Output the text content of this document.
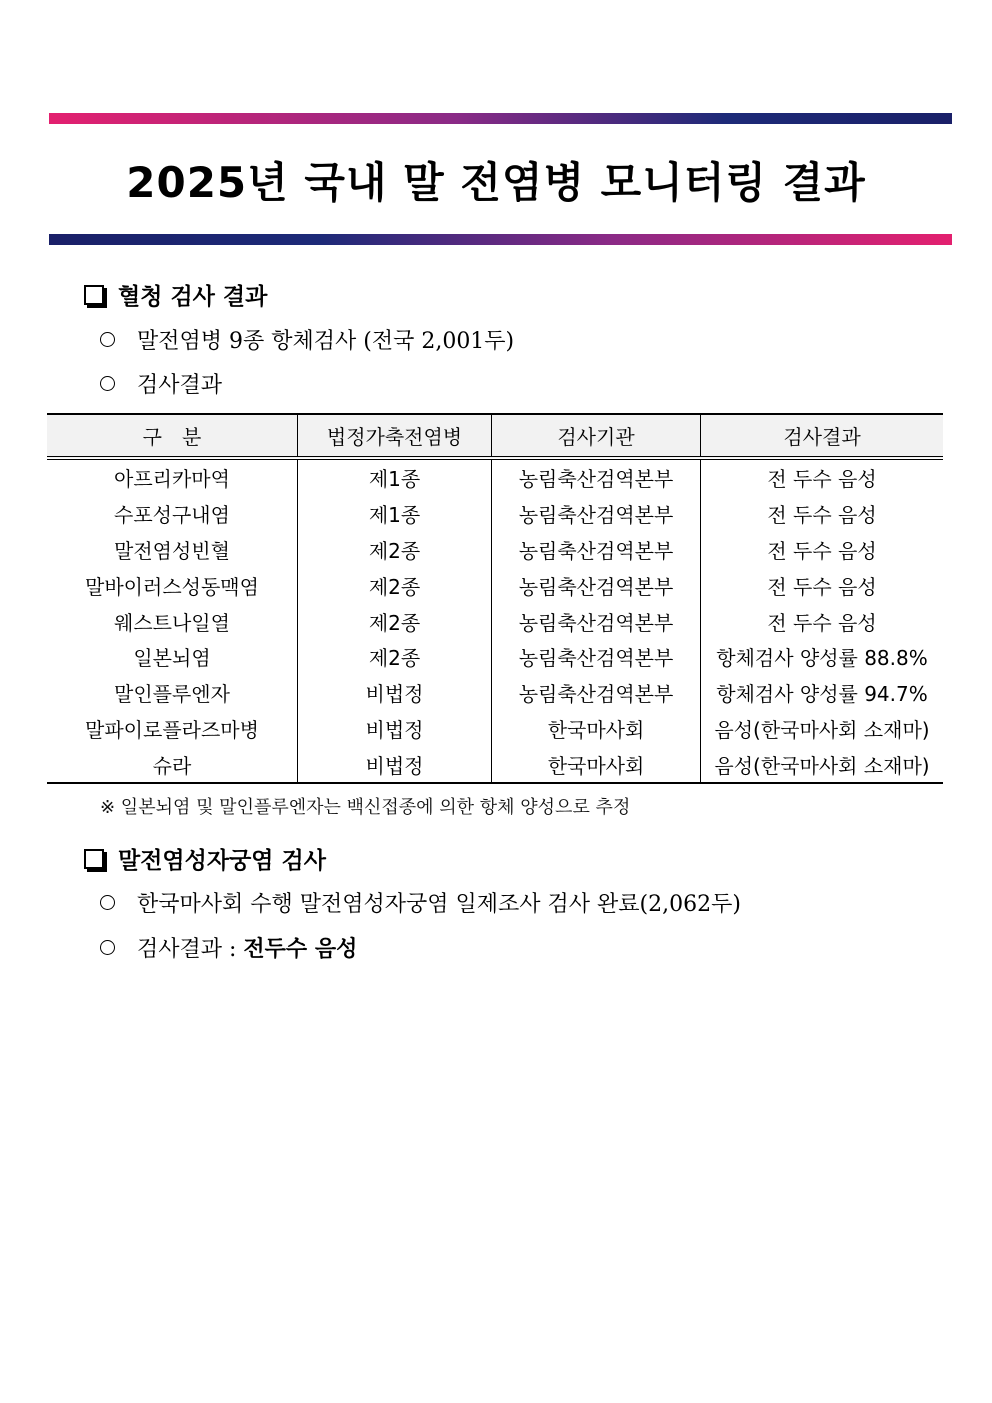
2025년 국내 말 전염병 모니터링 결과
혈청 검사 결과
말전염병 9종 항체검사 (전국 2,001두)
검사결과
구　분	법정가축전염병	검사기관	검사결과
아프리카마역	제1종	농림축산검역본부	전 두수 음성
수포성구내염	제1종	농림축산검역본부	전 두수 음성
말전염성빈혈	제2종	농림축산검역본부	전 두수 음성
말바이러스성동맥염	제2종	농림축산검역본부	전 두수 음성
웨스트나일열	제2종	농림축산검역본부	전 두수 음성
일본뇌염	제2종	농림축산검역본부	항체검사 양성률 88.8%
말인플루엔자	비법정	농림축산검역본부	항체검사 양성률 94.7%
말파이로플라즈마병	비법정	한국마사회	음성(한국마사회 소재마)
슈라	비법정	한국마사회	음성(한국마사회 소재마)
※ 일본뇌염 및 말인플루엔자는 백신접종에 의한 항체 양성으로 추정
말전염성자궁염 검사
한국마사회 수행 말전염성자궁염 일제조사 검사 완료(2,062두)
검사결과 : 전두수 음성
